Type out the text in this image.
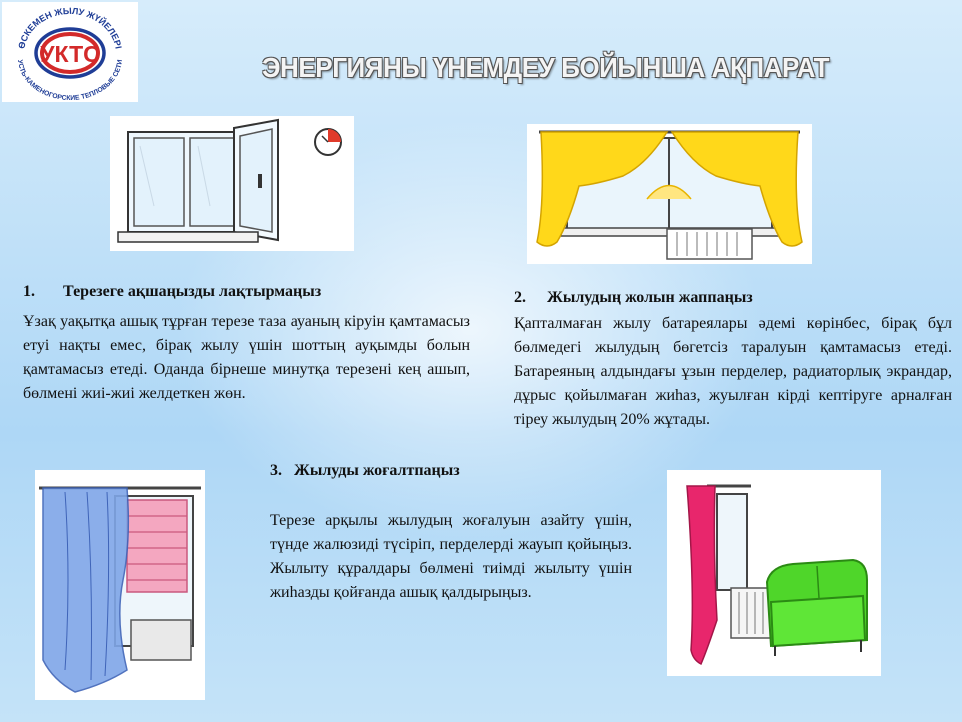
ӨСКЕМЕН ЖЫЛУ ЖҮЙЕЛЕРІ
УСТЬ-КАМЕНОГОРСКИЕ ТЕПЛОВЫЕ СЕТИ
УКТС	ЭНЕРГИЯНЫ ҮНЕМДЕУ БОЙЫНША АҚПАРАТ
1. Терезеге ақшаңызды лақтырмаңыз
Ұзақ уақытқа ашық тұрған терезе таза ауаның кіруін қамтамасыз етуі нақты емес, бірақ жылу үшін шоттың ауқымды болын қамтамасыз етеді. Оданда бірнеше минутқа терезені кең ашып, бөлмені жиі-жиі желдеткен жөн.
2. Жылудың жолын жаппаңыз
Қапталмаған жылу батареялары әдемі көрінбес, бірақ бұл бөлмедегі жылудың бөгетсіз таралуын қамтамасыз етеді. Батареяның алдындағы ұзын перделер, радиаторлық экрандар, дұрыс қойылмаған жиһаз, жуылған кірді кептіруге арналған тіреу жылудың 20% жұтады.
3. Жылуды жоғалтпаңыз
Терезе арқылы жылудың жоғалуын азайту үшін, түнде жалюзиді түсіріп, перделерді жауып қойыңыз. Жылыту құралдары бөлмені тиімді жылыту үшін жиһазды қойғанда ашық қалдырыңыз.
